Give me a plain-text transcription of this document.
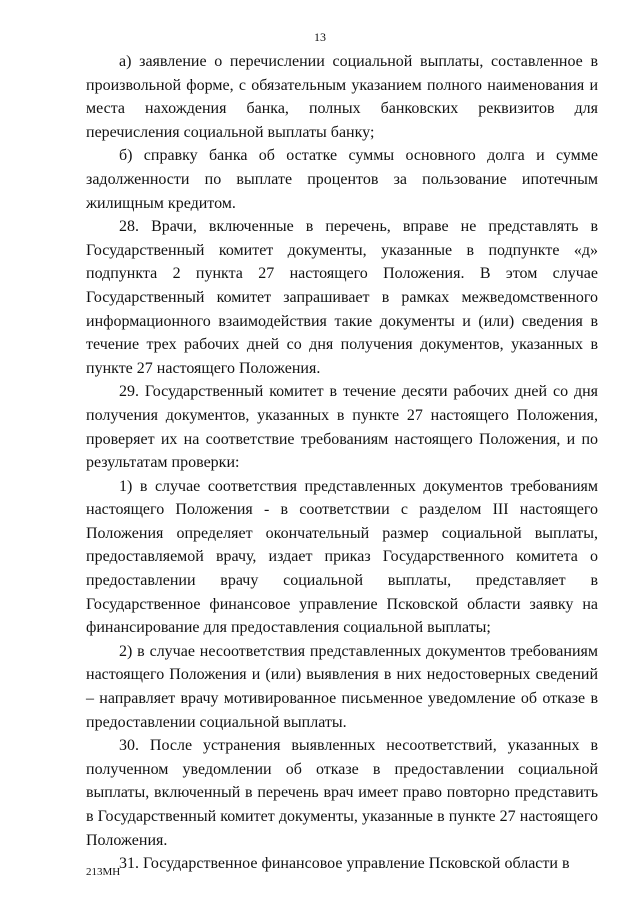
13

а) заявление о перечислении социальной выплаты, составленное в произвольной форме, с обязательным указанием полного наименования и места нахождения банка, полных банковских реквизитов для перечисления социальной выплаты банку;

б) справку банка об остатке суммы основного долга и сумме задолженности по выплате процентов за пользование ипотечным жилищным кредитом.

28. Врачи, включенные в перечень, вправе не представлять в Государственный комитет документы, указанные в подпункте «д» подпункта 2 пункта 27 настоящего Положения. В этом случае Государственный комитет запрашивает в рамках межведомственного информационного взаимодействия такие документы и (или) сведения в течение трех рабочих дней со дня получения документов, указанных в пункте 27 настоящего Положения.

29. Государственный комитет в течение десяти рабочих дней со дня получения документов, указанных в пункте 27 настоящего Положения, проверяет их на соответствие требованиям настоящего Положения, и по результатам проверки:

1) в случае соответствия представленных документов требованиям настоящего Положения - в соответствии с разделом III настоящего Положения определяет окончательный размер социальной выплаты, предоставляемой врачу, издает приказ Государственного комитета о предоставлении врачу социальной выплаты, представляет в Государственное финансовое управление Псковской области заявку на финансирование для предоставления социальной выплаты;

2) в случае несоответствия представленных документов требованиям настоящего Положения и (или) выявления в них недостоверных сведений – направляет врачу мотивированное письменное уведомление об отказе в предоставлении социальной выплаты.

30. После устранения выявленных несоответствий, указанных в полученном уведомлении об отказе в предоставлении социальной выплаты, включенный в перечень врач имеет право повторно представить в Государственный комитет документы, указанные в пункте 27 настоящего Положения.

31. Государственное финансовое управление Псковской области в

213МН
